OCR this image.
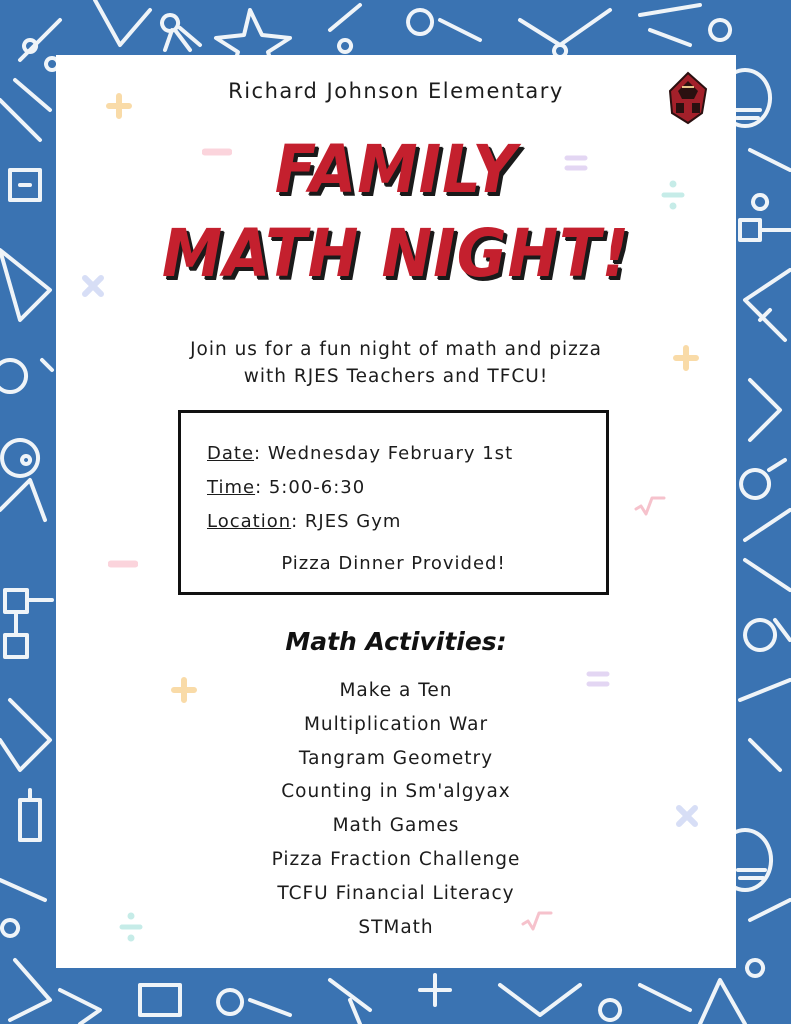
Richard Johnson Elementary
FAMILY
MATH NIGHT!
Join us for a fun night of math and pizza
with RJES Teachers and TFCU!
Date: Wednesday February 1st
Time: 5:00-6:30
Location: RJES Gym
Pizza Dinner Provided!
Math Activities:
Make a Ten
Multiplication War
Tangram Geometry
Counting in Sm'algyax
Math Games
Pizza Fraction Challenge
TCFU Financial Literacy
STMath
